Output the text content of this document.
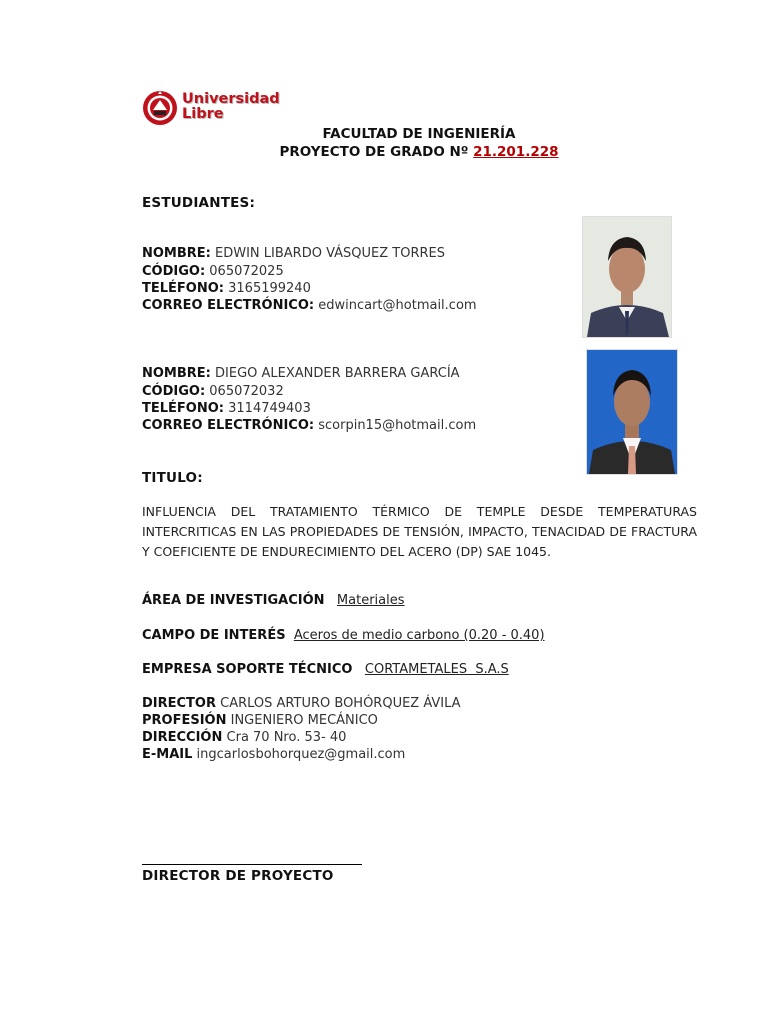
Universidad
Libre
FACULTAD DE INGENIERÍA
PROYECTO DE GRADO Nº 21.201.228
ESTUDIANTES:
NOMBRE: EDWIN LIBARDO VÁSQUEZ TORRES
CÓDIGO: 065072025
TELÉFONO: 3165199240
CORREO ELECTRÓNICO: edwincart@hotmail.com
NOMBRE: DIEGO ALEXANDER BARRERA GARCÍA
CÓDIGO: 065072032
TELÉFONO: 3114749403
CORREO ELECTRÓNICO: scorpin15@hotmail.com
TITULO:
INFLUENCIA DEL TRATAMIENTO TÉRMICO DE TEMPLE DESDE TEMPERATURAS INTERCRITICAS EN LAS PROPIEDADES DE TENSIÓN, IMPACTO, TENACIDAD DE FRACTURA Y COEFICIENTE DE ENDURECIMIENTO DEL ACERO (DP) SAE 1045.
ÁREA DE INVESTIGACIÓN Materiales
CAMPO DE INTERÉS Aceros de medio carbono (0.20 - 0.40)
EMPRESA SOPORTE TÉCNICO CORTAMETALES  S.A.S
DIRECTOR CARLOS ARTURO BOHÓRQUEZ ÁVILA
PROFESIÓN INGENIERO MECÁNICO
DIRECCIÓN Cra 70 Nro. 53- 40
E-MAIL ingcarlosbohorquez@gmail.com
DIRECTOR DE PROYECTO
